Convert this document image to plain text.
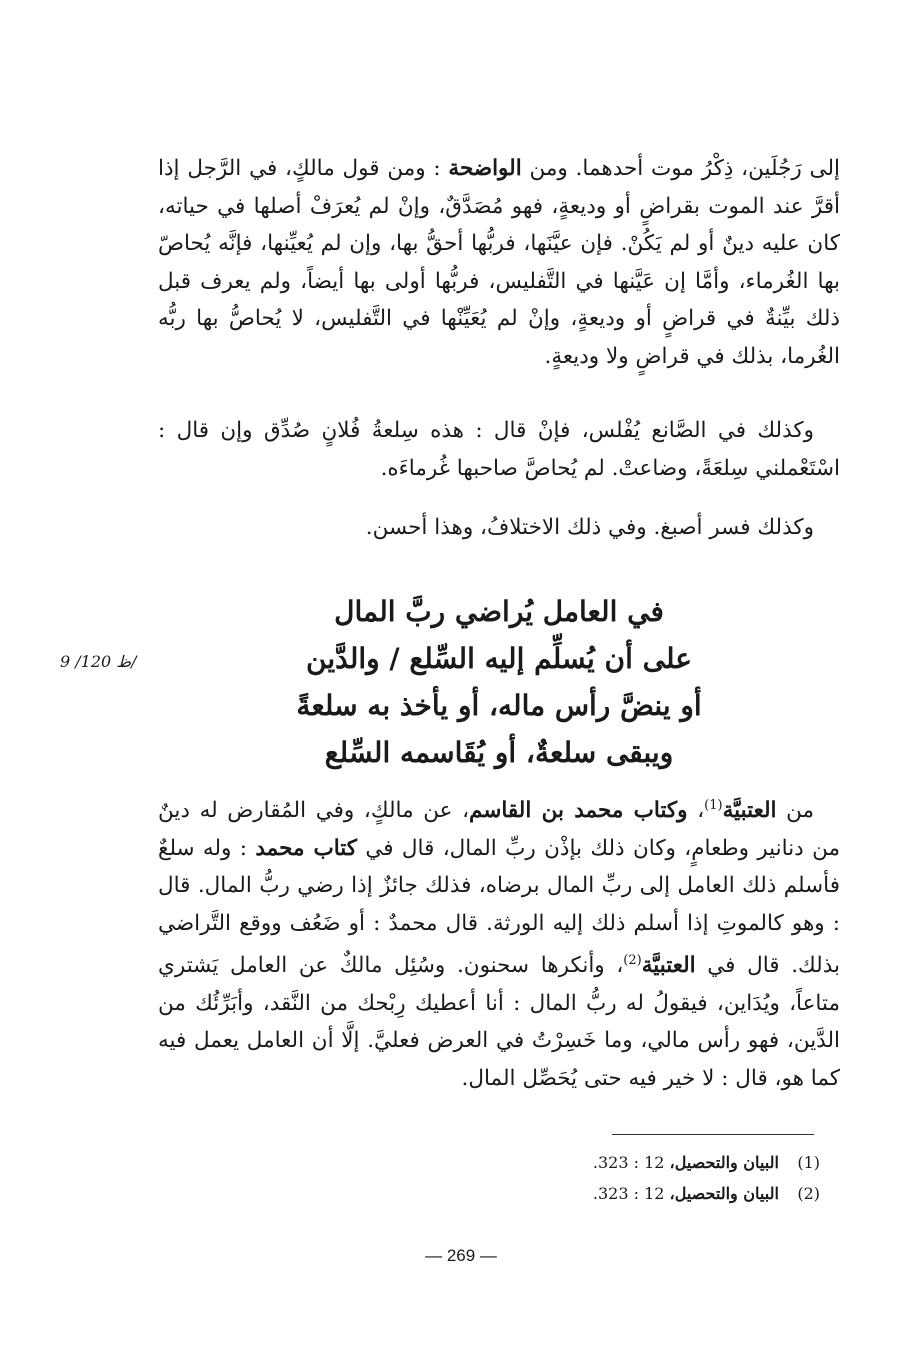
إلى رَجُلَين، ذِكْرُ موت أحدهما. ومن الواضحة : ومن قول مالكٍ، في الرَّجل إذا أقرَّ عند الموت بقراضٍ أو وديعةٍ، فهو مُصَدَّقٌ، وإنْ لم يُعرَفْ أصلها في حياته، كان عليه دينٌ أو لم يَكُنْ. فإن عيَّنَها، فربُّها أحقُّ بها، وإن لم يُعيِّنها، فإنَّه يُحاصّ بها الغُرماء، وأمَّا إن عَيَّنها في التَّفليس، فربُّها أولى بها أيضاً، ولم يعرف قبل ذلك بيِّنةٌ في قراضٍ أو وديعةٍ، وإنْ لم يُعَيِّنْها في التَّفليس، لا يُحاصُّ بها ربُّه الغُرما، بذلك في قراضٍ ولا وديعةٍ.

وكذلك في الصَّانع يُفْلس، فإنْ قال : هذه سِلعةُ فُلانٍ صُدِّق وإن قال : اسْتَعْملني سِلعَةً، وضاعتْ. لم يُحاصَّ صاحبها غُرماءَه.

وكذلك فسر أصبغ. وفي ذلك الاختلافُ، وهذا أحسن.

في العامل يُراضي ربَّ المال
على أن يُسلِّم إليه السِّلع / والدَّين
أو ينضَّ رأس ماله، أو يأخذ به سلعةً
ويبقى سلعةٌ، أو يُقَاسمه السِّلع
9 /120 ظ/

من العتبيَّة$^{(1)}$، وكتاب محمد بن القاسم، عن مالكٍ، وفي المُقارض له دينٌ من دنانير وطعامٍ، وكان ذلك بإذْن ربِّ المال، قال في كتاب محمد : وله سلعٌ فأسلم ذلك العامل إلى ربِّ المال برضاه، فذلك جائزٌ إذا رضي ربُّ المال. قال : وهو كالموتِ إذا أسلم ذلك إليه الورثة. قال محمدٌ : أو ضَعُف ووقع التَّراضي بذلك. قال في العتبيَّة$^{(2)}$، وأنكرها سحنون. وسُئِل مالكٌ عن العامل يَشتري متاعاً، ويُدَاين، فيقولُ له ربُّ المال : أنا أعطيك رِبْحك من النَّقد، وأبَرِّئُك من الدَّين، فهو رأس مالي، وما خَسِرْتُ في العرض فعليَّ. إلَّا أن العامل يعمل فيه كما هو، قال : لا خير فيه حتى يُحَصِّل المال.

(1) البيان والتحصيل، 12 : 323.
(2) البيان والتحصيل، 12 : 323.
— 269 —
